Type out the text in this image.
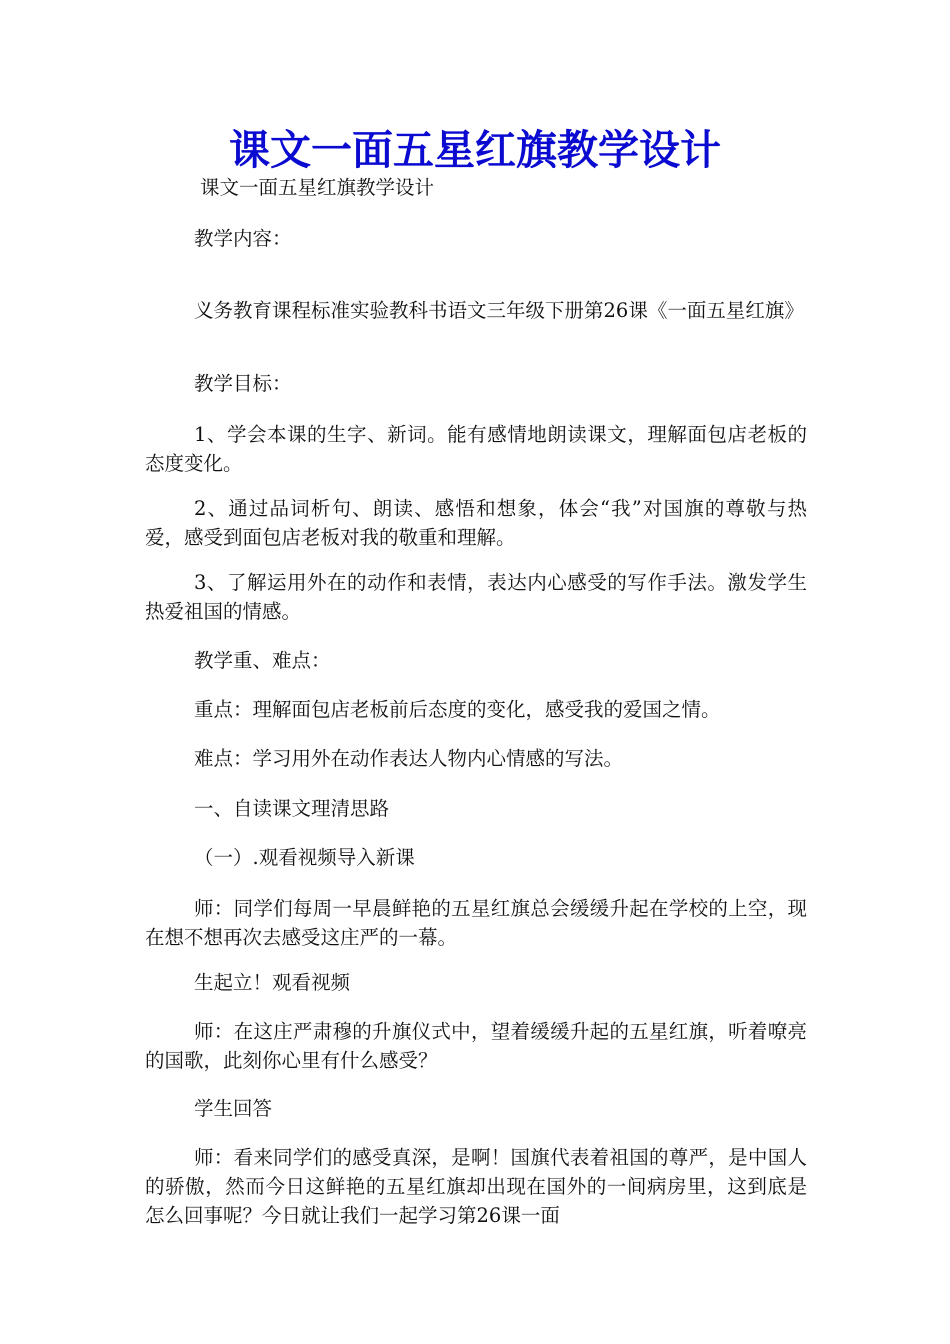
课文一面五星红旗教学设计

课文一面五星红旗教学设计

教学内容：

义务教育课程标准实验教科书语文三年级下册第26课《一面五星红旗》

教学目标：

1、学会本课的生字、新词。能有感情地朗读课文，理解面包店老板的态度变化。

2、通过品词析句、朗读、感悟和想象，体会“我”对国旗的尊敬与热爱，感受到面包店老板对我的敬重和理解。

3、了解运用外在的动作和表情，表达内心感受的写作手法。激发学生热爱祖国的情感。

教学重、难点：

重点：理解面包店老板前后态度的变化，感受我的爱国之情。

难点：学习用外在动作表达人物内心情感的写法。

一、自读课文理清思路

（一）.观看视频导入新课

师：同学们每周一早晨鲜艳的五星红旗总会缓缓升起在学校的上空，现在想不想再次去感受这庄严的一幕。

生起立！观看视频

师：在这庄严肃穆的升旗仪式中，望着缓缓升起的五星红旗，听着嘹亮的国歌，此刻你心里有什么感受？

学生回答

师：看来同学们的感受真深，是啊！国旗代表着祖国的尊严，是中国人的骄傲，然而今日这鲜艳的五星红旗却出现在国外的一间病房里，这到底是怎么回事呢？今日就让我们一起学习第26课一面
